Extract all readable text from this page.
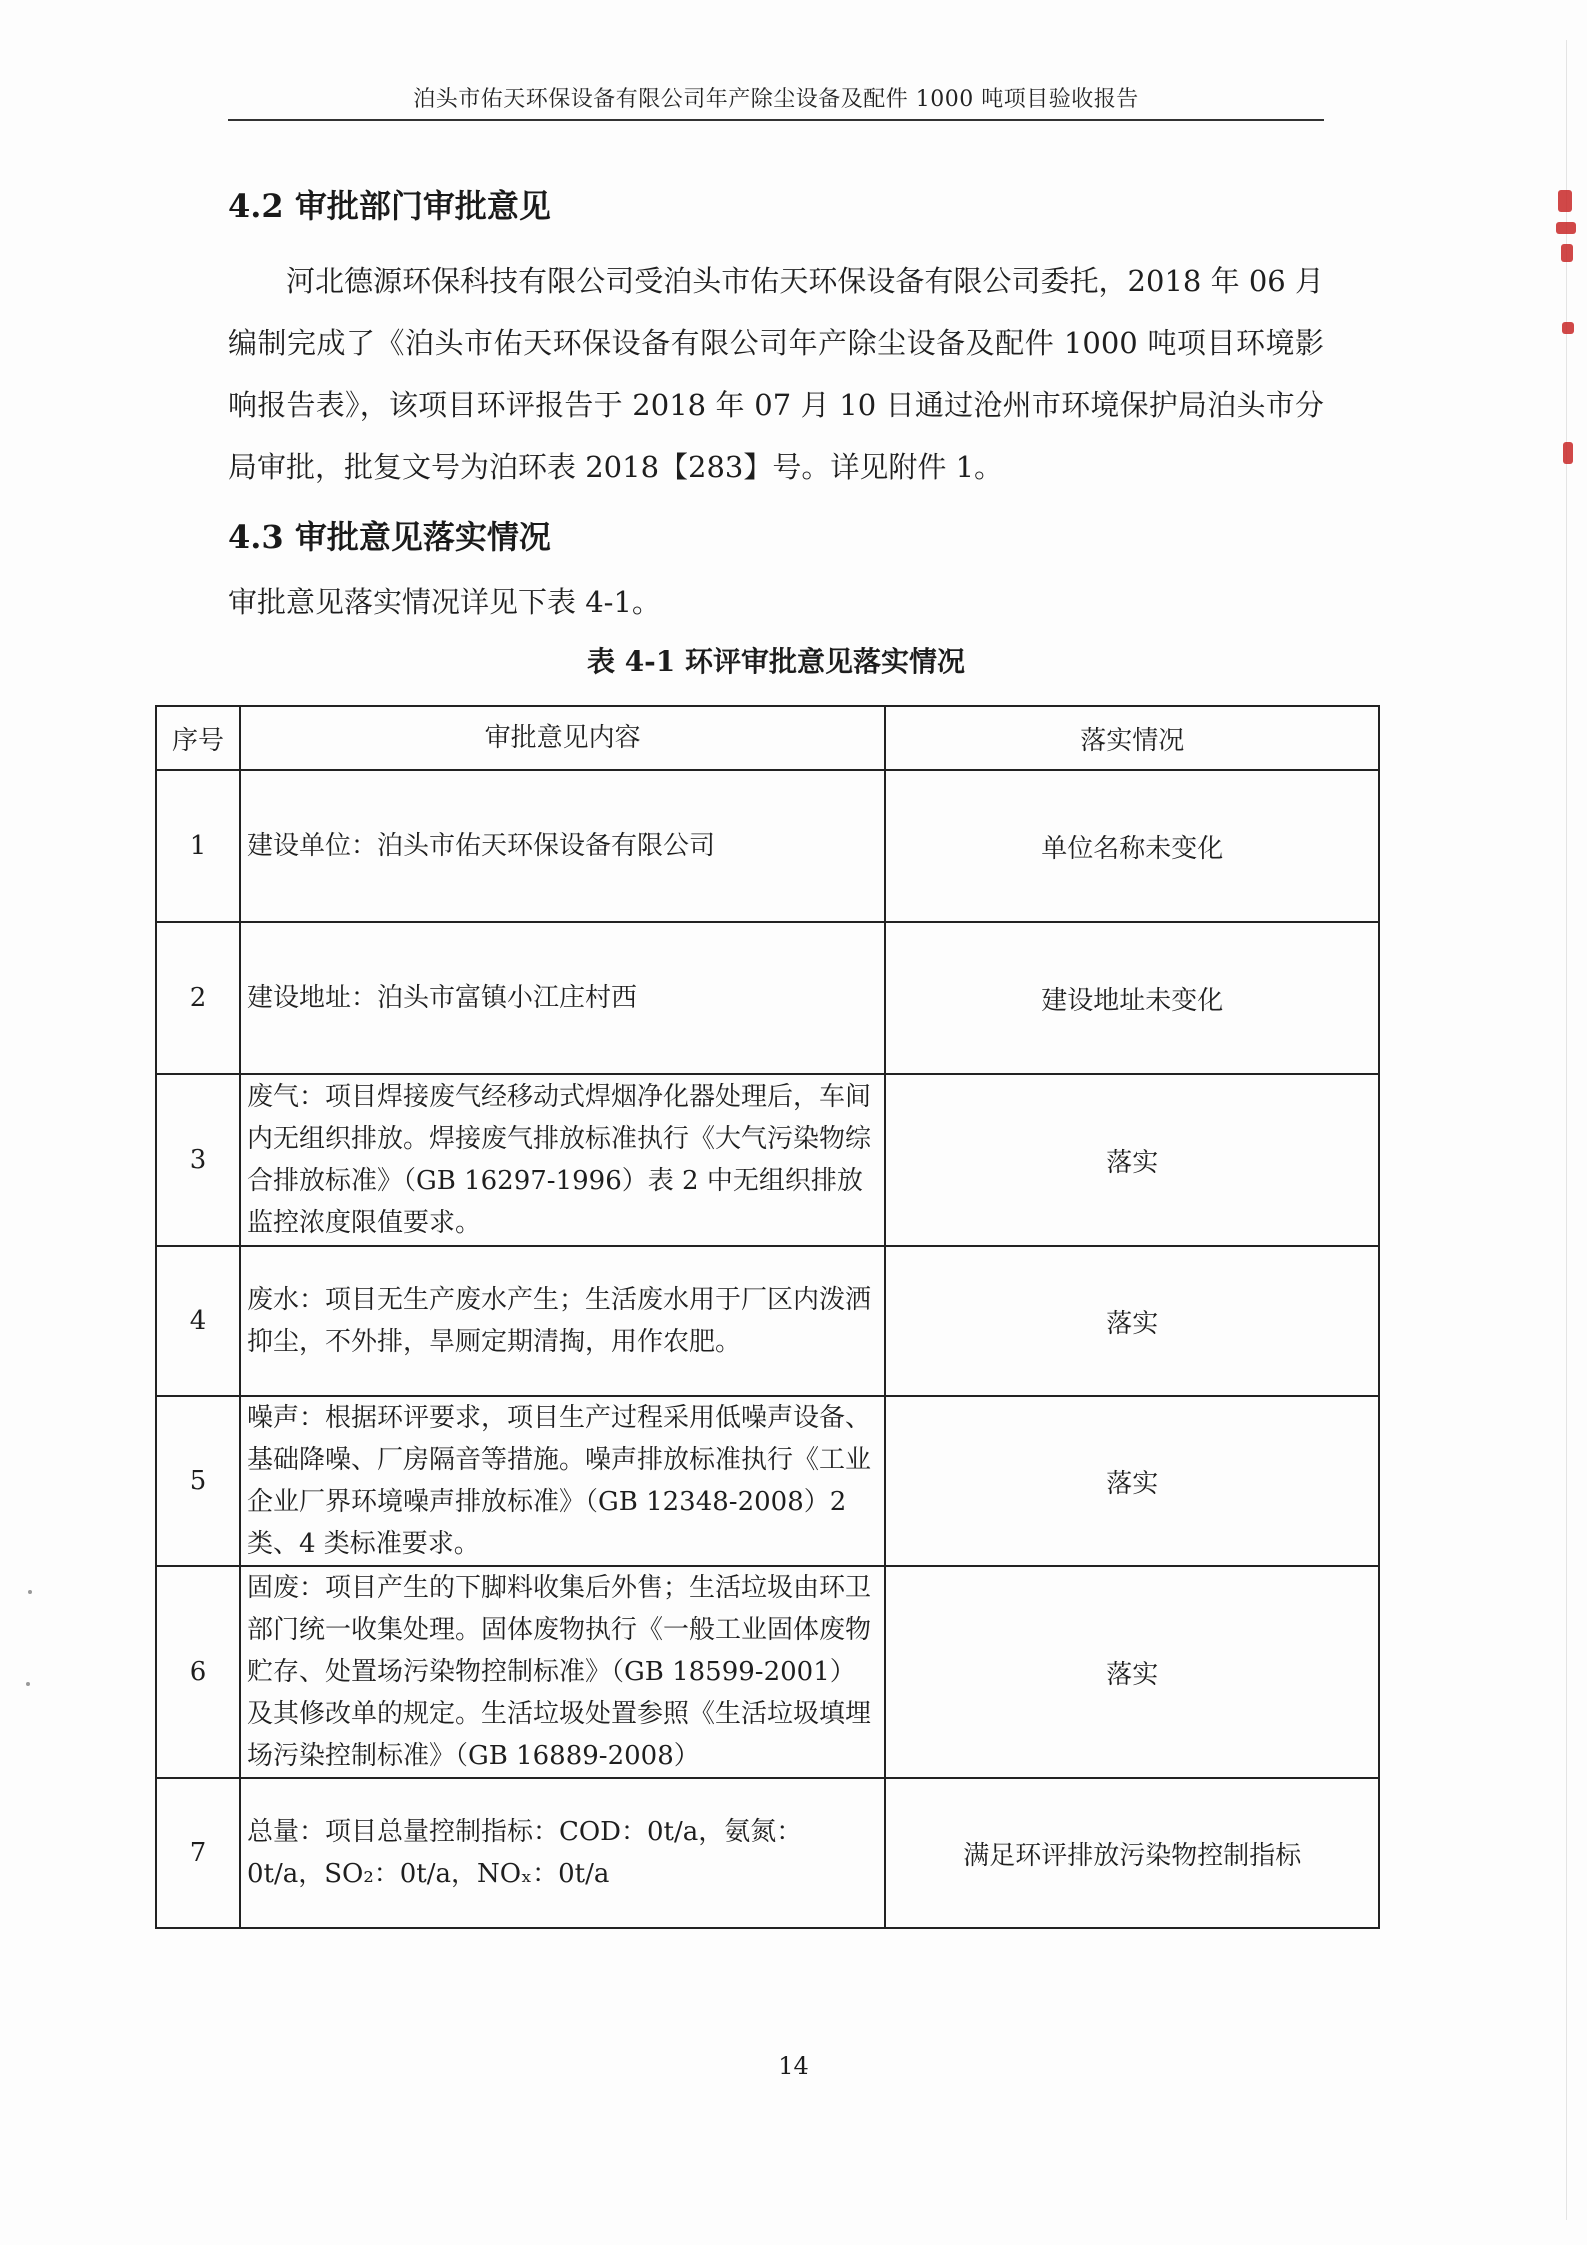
泊头市佑天环保设备有限公司年产除尘设备及配件 1000 吨项目验收报告
4.2 审批部门审批意见
河北德源环保科技有限公司受泊头市佑天环保设备有限公司委托，2018 年 06 月编制完成了《泊头市佑天环保设备有限公司年产除尘设备及配件 1000 吨项目环境影响报告表》，该项目环评报告于 2018 年 07 月 10 日通过沧州市环境保护局泊头市分局审批，批复文号为泊环表 2018【283】号。详见附件 1。
4.3 审批意见落实情况
审批意见落实情况详见下表 4-1。
表 4-1 环评审批意见落实情况
序号	审批意见内容	落实情况
1	建设单位：泊头市佑天环保设备有限公司	单位名称未变化
2	建设地址：泊头市富镇小江庄村西	建设地址未变化
3	废气：项目焊接废气经移动式焊烟净化器处理后，车间内无组织排放。焊接废气排放标准执行《大气污染物综合排放标准》（GB 16297-1996）表 2 中无组织排放监控浓度限值要求。	落实
4	废水：项目无生产废水产生；生活废水用于厂区内泼洒抑尘，不外排，旱厕定期清掏，用作农肥。	落实
5	噪声：根据环评要求，项目生产过程采用低噪声设备、基础降噪、厂房隔音等措施。噪声排放标准执行《工业企业厂界环境噪声排放标准》（GB 12348-2008）2 类、4 类标准要求。	落实
6	固废：项目产生的下脚料收集后外售；生活垃圾由环卫部门统一收集处理。固体废物执行《一般工业固体废物贮存、处置场污染物控制标准》（GB 18599-2001）及其修改单的规定。生活垃圾处置参照《生活垃圾填埋场污染控制标准》（GB 16889-2008）	落实
7	总量：项目总量控制指标：COD：0t/a，氨氮：0t/a，SO₂：0t/a，NOₓ：0t/a	满足环评排放污染物控制指标
14
